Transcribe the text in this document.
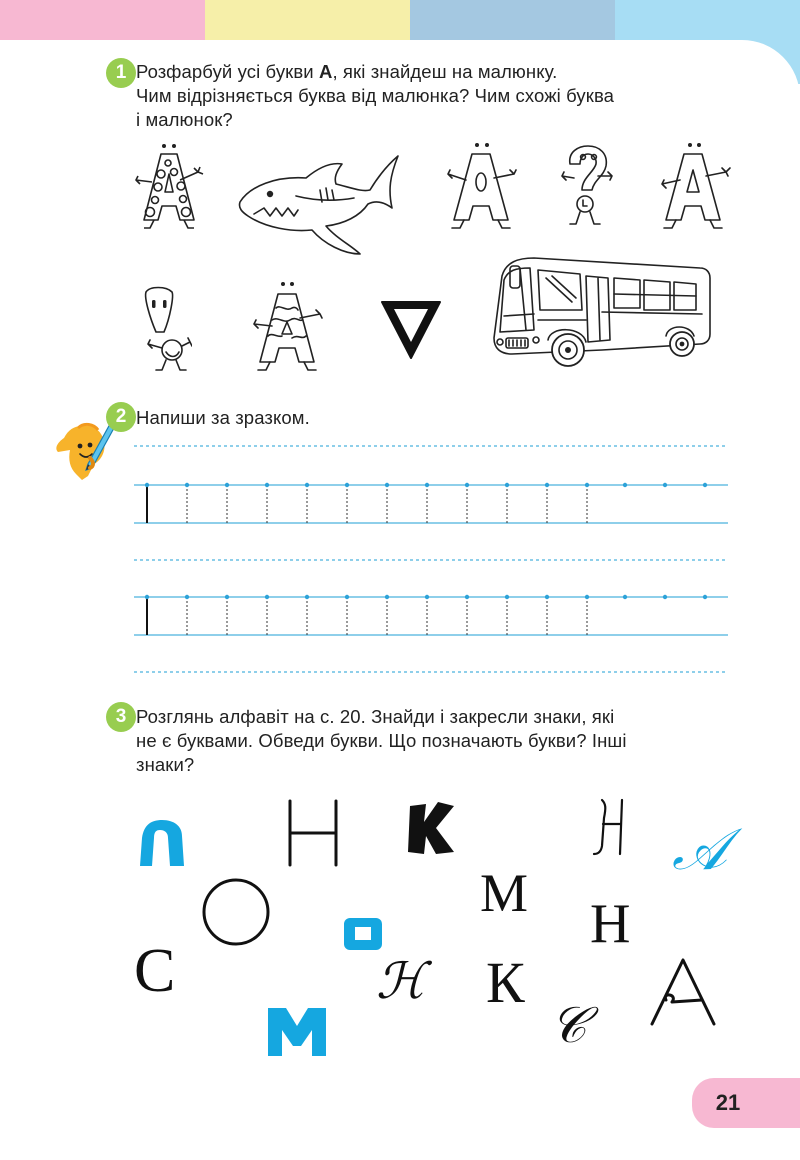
1 Розфарбуй усі букви А, які знайдеш на малюнку.

Чим відрізняється буква від малюнка? Чим схожі буква

і малюнок?

2 Напиши за зразком.
3 Розглянь алфавіт на с. 20. Знайди і закресли знаки, які

не є буквами. Обведи букви. Що позначають букви? Інші

знаки?

𝒜
М Н
С	ℋ К
𝒞
21
